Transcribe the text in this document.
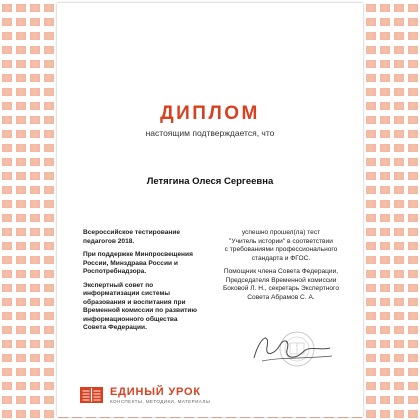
ДИПЛОМ
настоящим подтверждается, что
Летягина Олеся Сергеевна

Всероссийское тестирование
педагогов 2018.

При поддержке Минпросвещения
России, Минздрава России и
Роспотребнадзора.

Экспертный совет по
информатизации системы
образования и воспитания при
Временной комиссии по развитию
информационного общества
Совета Федерации.

успешно прошел(ла) тест
"Учитель истории" в соответствии
с требованиями профессионального
стандарта и ФГОС.

Помощник члена Совета Федерации,
Председателя Временной комиссии
Боковой Л. Н., секретарь Экспертного
Совета Абрамов С. А.

ЕДИНЫЙ УРОК
КОНСПЕКТЫ, МЕТОДИКИ, МАТЕРИАЛЫ
